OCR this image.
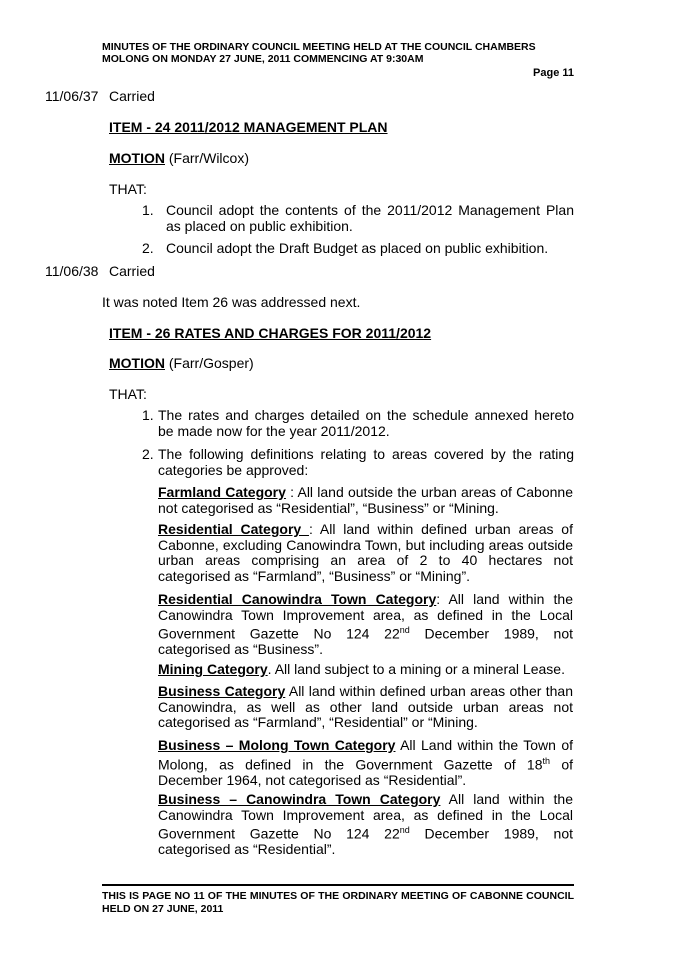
MINUTES OF THE ORDINARY COUNCIL MEETING HELD AT THE COUNCIL CHAMBERS
MOLONG ON MONDAY 27 JUNE, 2011 COMMENCING AT 9:30AM
Page 11
11/06/37 Carried
ITEM - 24 2011/2012 MANAGEMENT PLAN
MOTION (Farr/Wilcox)
THAT:
1. Council adopt the contents of the 2011/2012 Management Plan as placed on public exhibition.
2. Council adopt the Draft Budget as placed on public exhibition.
11/06/38 Carried
It was noted Item 26 was addressed next.
ITEM - 26 RATES AND CHARGES FOR 2011/2012
MOTION (Farr/Gosper)
THAT:
1. The rates and charges detailed on the schedule annexed hereto be made now for the year 2011/2012.
2. The following definitions relating to areas covered by the rating categories be approved:
Farmland Category : All land outside the urban areas of Cabonne not categorised as “Residential”, “Business” or “Mining.
Residential Category : All land within defined urban areas of Cabonne, excluding Canowindra Town, but including areas outside urban areas comprising an area of 2 to 40 hectares not categorised as “Farmland”, “Business” or “Mining”.
Residential Canowindra Town Category: All land within the Canowindra Town Improvement area, as defined in the Local Government Gazette No 124 22nd December 1989, not categorised as “Business”.
Mining Category. All land subject to a mining or a mineral Lease.
Business Category All land within defined urban areas other than Canowindra, as well as other land outside urban areas not categorised as “Farmland”, “Residential” or “Mining.
Business – Molong Town Category All Land within the Town of Molong, as defined in the Government Gazette of 18th of December 1964, not categorised as “Residential”.
Business – Canowindra Town Category All land within the Canowindra Town Improvement area, as defined in the Local Government Gazette No 124 22nd December 1989, not categorised as “Residential”.
THIS IS PAGE NO 11 OF THE MINUTES OF THE ORDINARY MEETING OF CABONNE COUNCIL HELD ON 27 JUNE, 2011
